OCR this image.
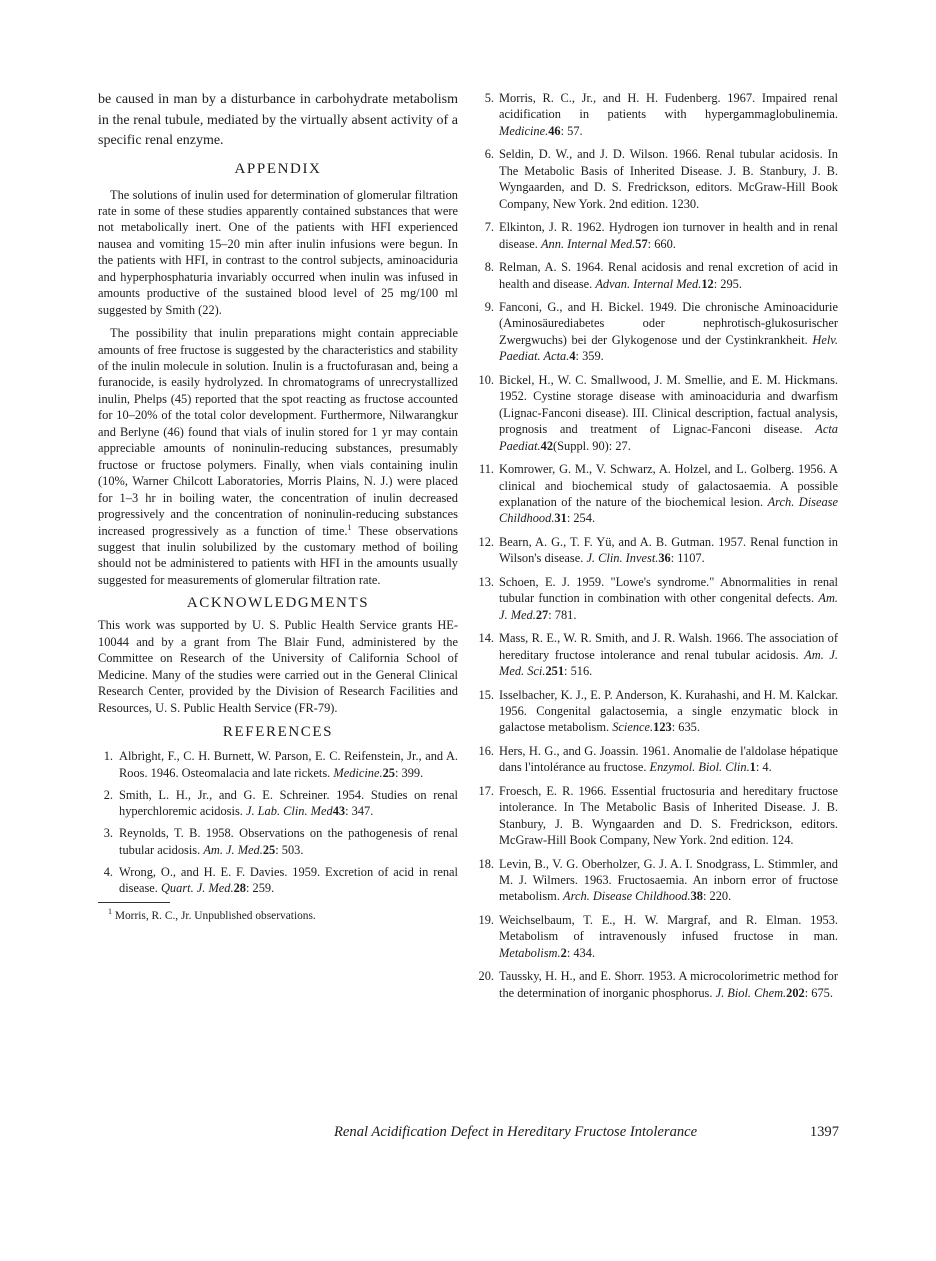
be caused in man by a disturbance in carbohydrate metabolism in the renal tubule, mediated by the virtually absent activity of a specific renal enzyme.

APPENDIX

The solutions of inulin used for determination of glomerular filtration rate in some of these studies apparently contained substances that were not metabolically inert. One of the patients with HFI experienced nausea and vomiting 15–20 min after inulin infusions were begun. In the patients with HFI, in contrast to the control subjects, aminoaciduria and hyperphosphaturia invariably occurred when inulin was infused in amounts productive of the sustained blood level of 25 mg/100 ml suggested by Smith (22).

The possibility that inulin preparations might contain appreciable amounts of free fructose is suggested by the characteristics and stability of the inulin molecule in solution. Inulin is a fructofurasan and, being a furanocide, is easily hydrolyzed. In chromatograms of unrecrystallized inulin, Phelps (45) reported that the spot reacting as fructose accounted for 10–20% of the total color development. Furthermore, Nilwarangkur and Berlyne (46) found that vials of inulin stored for 1 yr may contain appreciable amounts of noninulin-reducing substances, presumably fructose or fructose polymers. Finally, when vials containing inulin (10%, Warner Chilcott Laboratories, Morris Plains, N. J.) were placed for 1–3 hr in boiling water, the concentration of inulin decreased progressively and the concentration of noninulin-reducing substances increased progressively as a function of time.$^1$ These observations suggest that inulin solubilized by the customary method of boiling should not be administered to patients with HFI in the amounts usually suggested for measurements of glomerular filtration rate.

ACKNOWLEDGMENTS

This work was supported by U. S. Public Health Service grants HE-10044 and by a grant from The Blair Fund, administered by the Committee on Research of the University of California School of Medicine. Many of the studies were carried out in the General Clinical Research Center, provided by the Division of Research Facilities and Resources, U. S. Public Health Service (FR-79).

REFERENCES
1. Albright, F., C. H. Burnett, W. Parson, E. C. Reifenstein, Jr., and A. Roos. 1946. Osteomalacia and late rickets. Medicine.25: 399.
2. Smith, L. H., Jr., and G. E. Schreiner. 1954. Studies on renal hyperchloremic acidosis. J. Lab. Clin. Med43: 347.
3. Reynolds, T. B. 1958. Observations on the pathogenesis of renal tubular acidosis. Am. J. Med.25: 503.
4. Wrong, O., and H. E. F. Davies. 1959. Excretion of acid in renal disease. Quart. J. Med.28: 259.

$^1$ Morris, R. C., Jr. Unpublished observations.

5. Morris, R. C., Jr., and H. H. Fudenberg. 1967. Impaired renal acidification in patients with hypergammaglobulinemia. Medicine.46: 57.
6. Seldin, D. W., and J. D. Wilson. 1966. Renal tubular acidosis. In The Metabolic Basis of Inherited Disease. J. B. Stanbury, J. B. Wyngaarden, and D. S. Fredrickson, editors. McGraw-Hill Book Company, New York. 2nd edition. 1230.
7. Elkinton, J. R. 1962. Hydrogen ion turnover in health and in renal disease. Ann. Internal Med.57: 660.
8. Relman, A. S. 1964. Renal acidosis and renal excretion of acid in health and disease. Advan. Internal Med.12: 295.
9. Fanconi, G., and H. Bickel. 1949. Die chronische Aminoacidurie (Aminosäurediabetes oder nephrotisch-glukosurischer Zwergwuchs) bei der Glykogenose und der Cystinkrankheit. Helv. Paediat. Acta.4: 359.
10. Bickel, H., W. C. Smallwood, J. M. Smellie, and E. M. Hickmans. 1952. Cystine storage disease with aminoaciduria and dwarfism (Lignac-Fanconi disease). III. Clinical description, factual analysis, prognosis and treatment of Lignac-Fanconi disease. Acta Paediat.42(Suppl. 90): 27.
11. Komrower, G. M., V. Schwarz, A. Holzel, and L. Golberg. 1956. A clinical and biochemical study of galactosaemia. A possible explanation of the nature of the biochemical lesion. Arch. Disease Childhood.31: 254.
12. Bearn, A. G., T. F. Yü, and A. B. Gutman. 1957. Renal function in Wilson's disease. J. Clin. Invest.36: 1107.
13. Schoen, E. J. 1959. "Lowe's syndrome." Abnormalities in renal tubular function in combination with other congenital defects. Am. J. Med.27: 781.
14. Mass, R. E., W. R. Smith, and J. R. Walsh. 1966. The association of hereditary fructose intolerance and renal tubular acidosis. Am. J. Med. Sci.251: 516.
15. Isselbacher, K. J., E. P. Anderson, K. Kurahashi, and H. M. Kalckar. 1956. Congenital galactosemia, a single enzymatic block in galactose metabolism. Science.123: 635.
16. Hers, H. G., and G. Joassin. 1961. Anomalie de l'aldolase hépatique dans l'intolérance au fructose. Enzymol. Biol. Clin.1: 4.
17. Froesch, E. R. 1966. Essential fructosuria and hereditary fructose intolerance. In The Metabolic Basis of Inherited Disease. J. B. Stanbury, J. B. Wyngaarden and D. S. Fredrickson, editors. McGraw-Hill Book Company, New York. 2nd edition. 124.
18. Levin, B., V. G. Oberholzer, G. J. A. I. Snodgrass, L. Stimmler, and M. J. Wilmers. 1963. Fructosaemia. An inborn error of fructose metabolism. Arch. Disease Childhood.38: 220.
19. Weichselbaum, T. E., H. W. Margraf, and R. Elman. 1953. Metabolism of intravenously infused fructose in man. Metabolism.2: 434.
20. Taussky, H. H., and E. Shorr. 1953. A microcolorimetric method for the determination of inorganic phosphorus. J. Biol. Chem.202: 675.
Renal Acidification Defect in Hereditary Fructose Intolerance	1397
